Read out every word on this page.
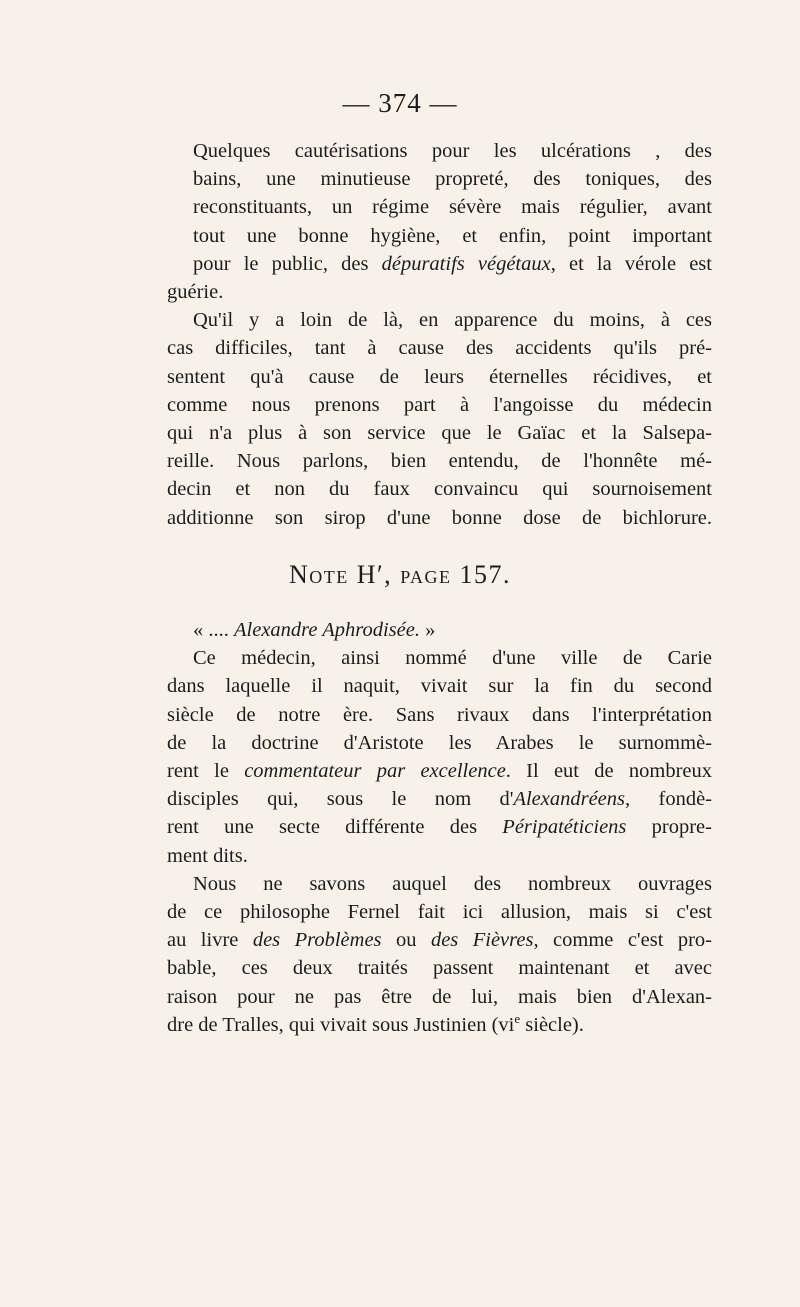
— 374 —

Quelques cautérisations pour les ulcérations , des
bains, une minutieuse propreté, des toniques, des
reconstituants, un régime sévère mais régulier, avant
tout une bonne hygiène, et enfin, point important
pour le public, des dépuratifs végétaux, et la vérole est
guérie.

Qu'il y a loin de là, en apparence du moins, à ces
cas difficiles, tant à cause des accidents qu'ils pré-
sentent qu'à cause de leurs éternelles récidives, et
comme nous prenons part à l'angoisse du médecin
qui n'a plus à son service que le Gaïac et la Salsepa-
reille. Nous parlons, bien entendu, de l'honnête mé-
decin et non du faux convaincu qui sournoisement
additionne son sirop d'une bonne dose de bichlorure.

Note H′, page 157.

« .... Alexandre Aphrodisée. »

Ce médecin, ainsi nommé d'une ville de Carie
dans laquelle il naquit, vivait sur la fin du second
siècle de notre ère. Sans rivaux dans l'interprétation
de la doctrine d'Aristote les Arabes le surnommè-
rent le commentateur par excellence. Il eut de nombreux
disciples qui, sous le nom d'Alexandréens, fondè-
rent une secte différente des Péripatéticiens propre-
ment dits.

Nous ne savons auquel des nombreux ouvrages
de ce philosophe Fernel fait ici allusion, mais si c'est
au livre des Problèmes ou des Fièvres, comme c'est pro-
bable, ces deux traités passent maintenant et avec
raison pour ne pas être de lui, mais bien d'Alexan-
dre de Tralles, qui vivait sous Justinien ($vi^e$ siècle).
